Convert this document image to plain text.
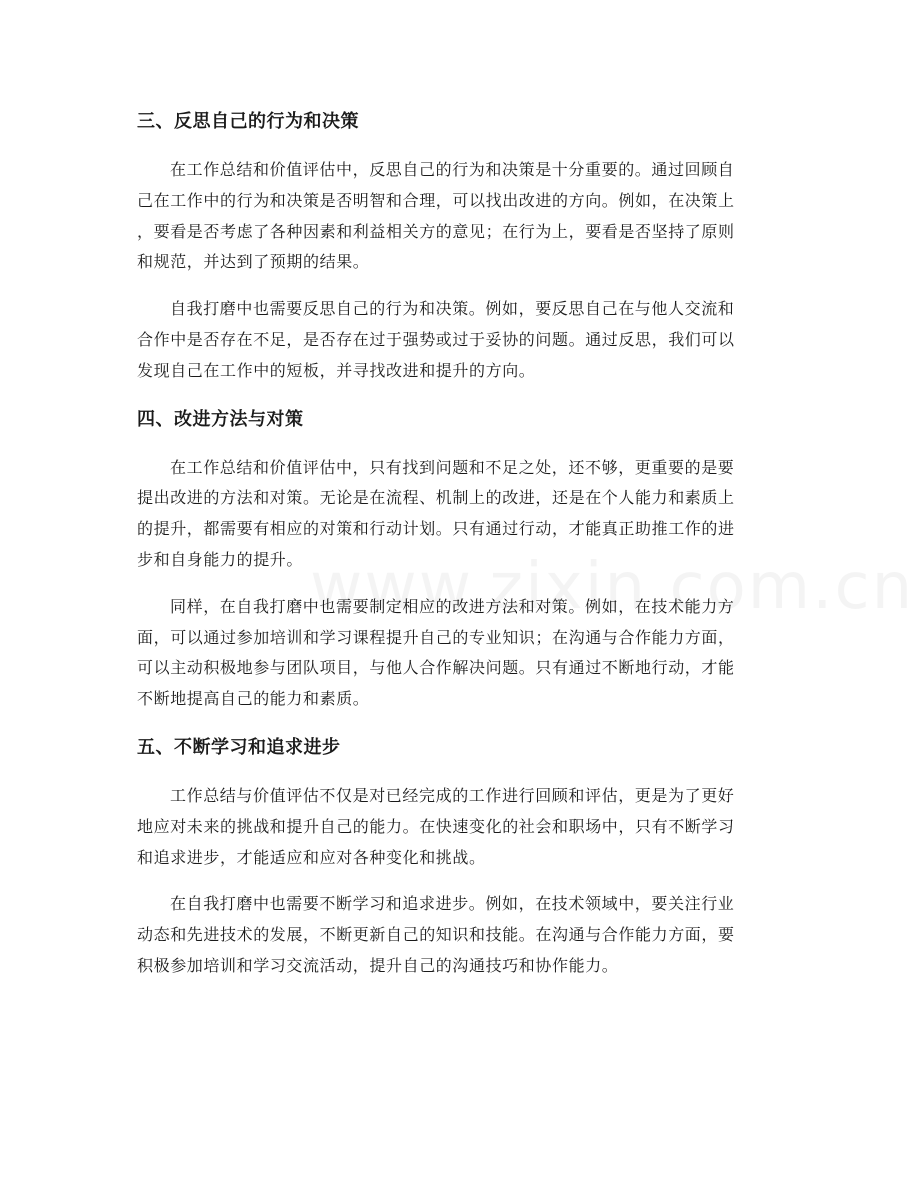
三、反思自己的行为和决策

在工作总结和价值评估中，反思自己的行为和决策是十分重要的。通过回顾自
己在工作中的行为和决策是否明智和合理，可以找出改进的方向。例如，在决策上
，要看是否考虑了各种因素和利益相关方的意见；在行为上，要看是否坚持了原则
和规范，并达到了预期的结果。

自我打磨中也需要反思自己的行为和决策。例如，要反思自己在与他人交流和
合作中是否存在不足，是否存在过于强势或过于妥协的问题。通过反思，我们可以
发现自己在工作中的短板，并寻找改进和提升的方向。

四、改进方法与对策

在工作总结和价值评估中，只有找到问题和不足之处，还不够，更重要的是要
提出改进的方法和对策。无论是在流程、机制上的改进，还是在个人能力和素质上
的提升，都需要有相应的对策和行动计划。只有通过行动，才能真正助推工作的进
步和自身能力的提升。

同样，在自我打磨中也需要制定相应的改进方法和对策。例如，在技术能力方
面，可以通过参加培训和学习课程提升自己的专业知识；在沟通与合作能力方面，
可以主动积极地参与团队项目，与他人合作解决问题。只有通过不断地行动，才能
不断地提高自己的能力和素质。

五、不断学习和追求进步

工作总结与价值评估不仅是对已经完成的工作进行回顾和评估，更是为了更好
地应对未来的挑战和提升自己的能力。在快速变化的社会和职场中，只有不断学习
和追求进步，才能适应和应对各种变化和挑战。

在自我打磨中也需要不断学习和追求进步。例如，在技术领域中，要关注行业
动态和先进技术的发展，不断更新自己的知识和技能。在沟通与合作能力方面，要
积极参加培训和学习交流活动，提升自己的沟通技巧和协作能力。
